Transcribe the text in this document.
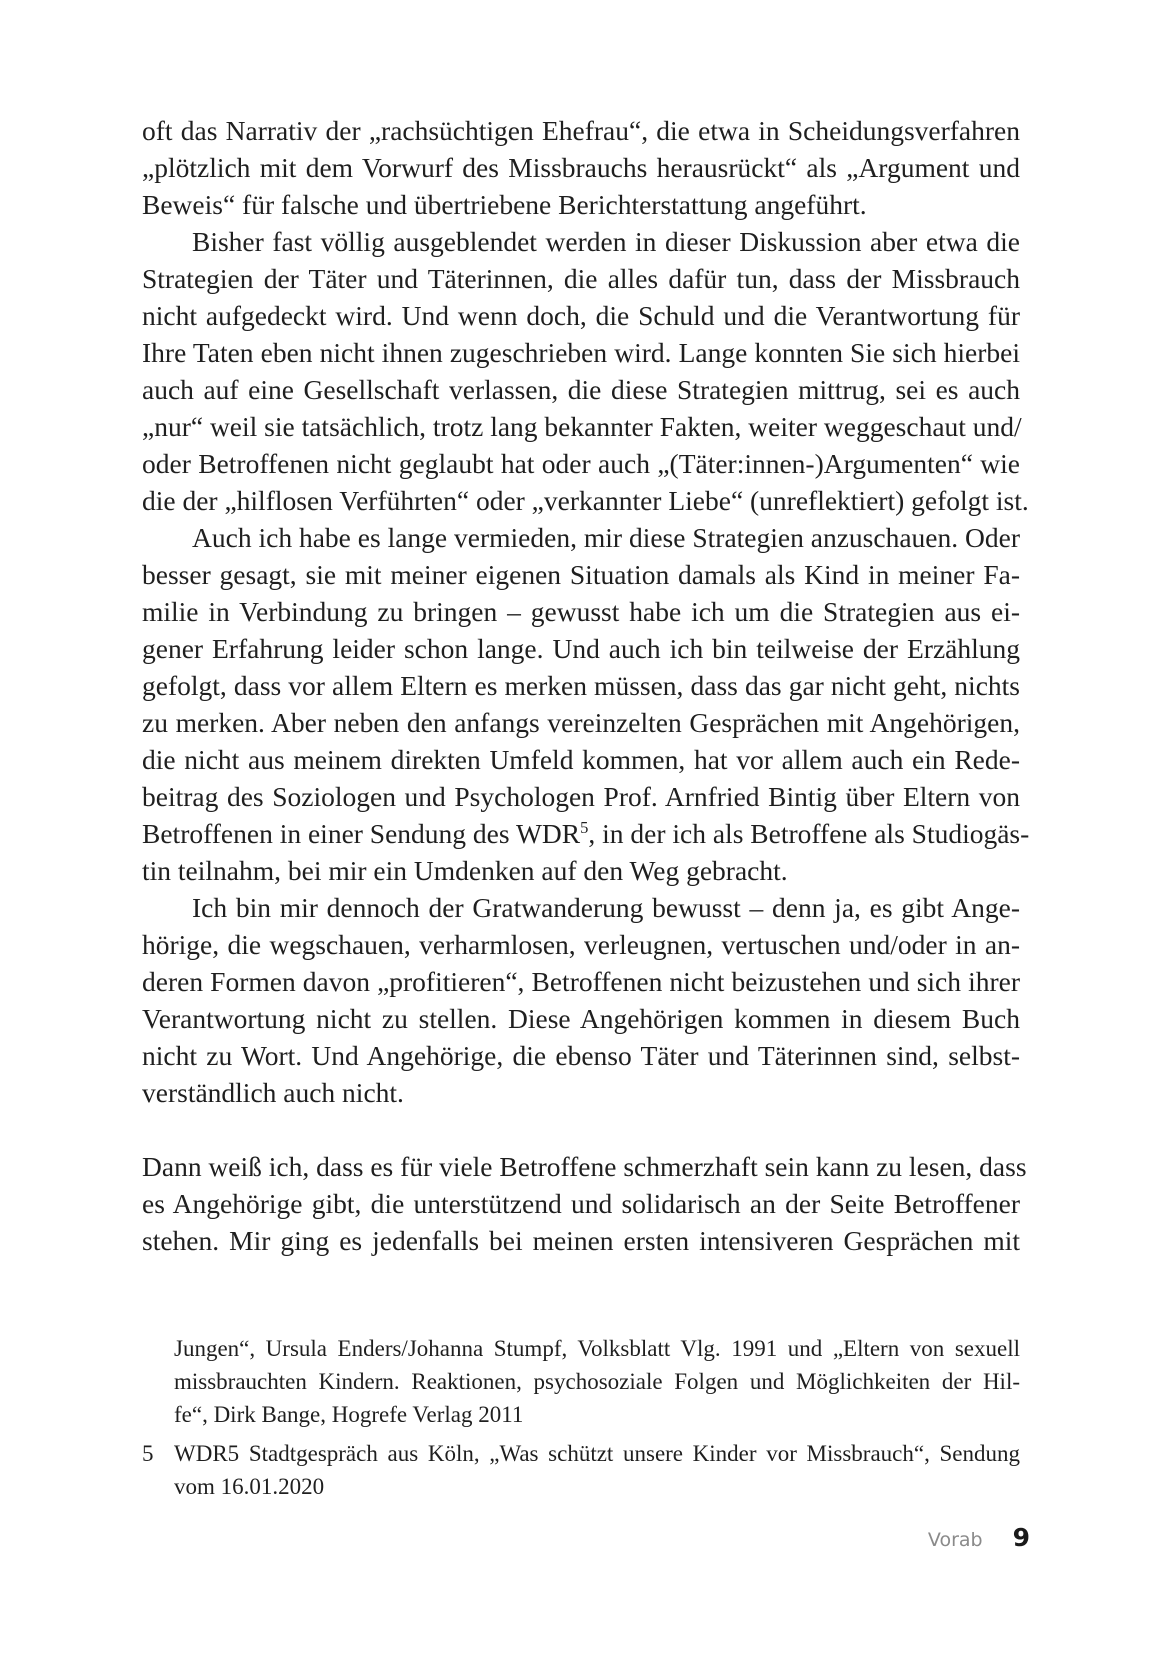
oft das Narrativ der „rachsüchtigen Ehefrau“, die etwa in Scheidungsverfahren
„plötzlich mit dem Vorwurf des Missbrauchs herausrückt“ als „Argument und
Beweis“ für falsche und übertriebene Berichterstattung angeführt.
Bisher fast völlig ausgeblendet werden in dieser Diskussion aber etwa die
Strategien der Täter und Täterinnen, die alles dafür tun, dass der Missbrauch
nicht aufgedeckt wird. Und wenn doch, die Schuld und die Verantwortung für
Ihre Taten eben nicht ihnen zugeschrieben wird. Lange konnten Sie sich hierbei
auch auf eine Gesellschaft verlassen, die diese Strategien mittrug, sei es auch
„nur“ weil sie tatsächlich, trotz lang bekannter Fakten, weiter weggeschaut und/
oder Betroffenen nicht geglaubt hat oder auch „(Täter:innen-)Argumenten“ wie
die der „hilflosen Verführten“ oder „verkannter Liebe“ (unreflektiert) gefolgt ist.
Auch ich habe es lange vermieden, mir diese Strategien anzuschauen. Oder
besser gesagt, sie mit meiner eigenen Situation damals als Kind in meiner Fa-
milie in Verbindung zu bringen – gewusst habe ich um die Strategien aus ei-
gener Erfahrung leider schon lange. Und auch ich bin teilweise der Erzählung
gefolgt, dass vor allem Eltern es merken müssen, dass das gar nicht geht, nichts
zu merken. Aber neben den anfangs vereinzelten Gesprächen mit Angehörigen,
die nicht aus meinem direkten Umfeld kommen, hat vor allem auch ein Rede-
beitrag des Soziologen und Psychologen Prof. Arnfried Bintig über Eltern von
Betroffenen in einer Sendung des WDR$^5$, in der ich als Betroffene als Studiogäs-
tin teilnahm, bei mir ein Umdenken auf den Weg gebracht.
Ich bin mir dennoch der Gratwanderung bewusst – denn ja, es gibt Ange-
hörige, die wegschauen, verharmlosen, verleugnen, vertuschen und/oder in an-
deren Formen davon „profitieren“, Betroffenen nicht beizustehen und sich ihrer
Verantwortung nicht zu stellen. Diese Angehörigen kommen in diesem Buch
nicht zu Wort. Und Angehörige, die ebenso Täter und Täterinnen sind, selbst-
verständlich auch nicht.
Dann weiß ich, dass es für viele Betroffene schmerzhaft sein kann zu lesen, dass
es Angehörige gibt, die unterstützend und solidarisch an der Seite Betroffener
stehen. Mir ging es jedenfalls bei meinen ersten intensiveren Gesprächen mit
Jungen“, Ursula Enders/Johanna Stumpf, Volksblatt Vlg. 1991 und „Eltern von sexuell
missbrauchten Kindern. Reaktionen, psychosoziale Folgen und Möglichkeiten der Hil-
fe“, Dirk Bange, Hogrefe Verlag 2011
5 WDR5 Stadtgespräch aus Köln, „Was schützt unsere Kinder vor Missbrauch“, Sendung
vom 16.01.2020
Vorab 9
